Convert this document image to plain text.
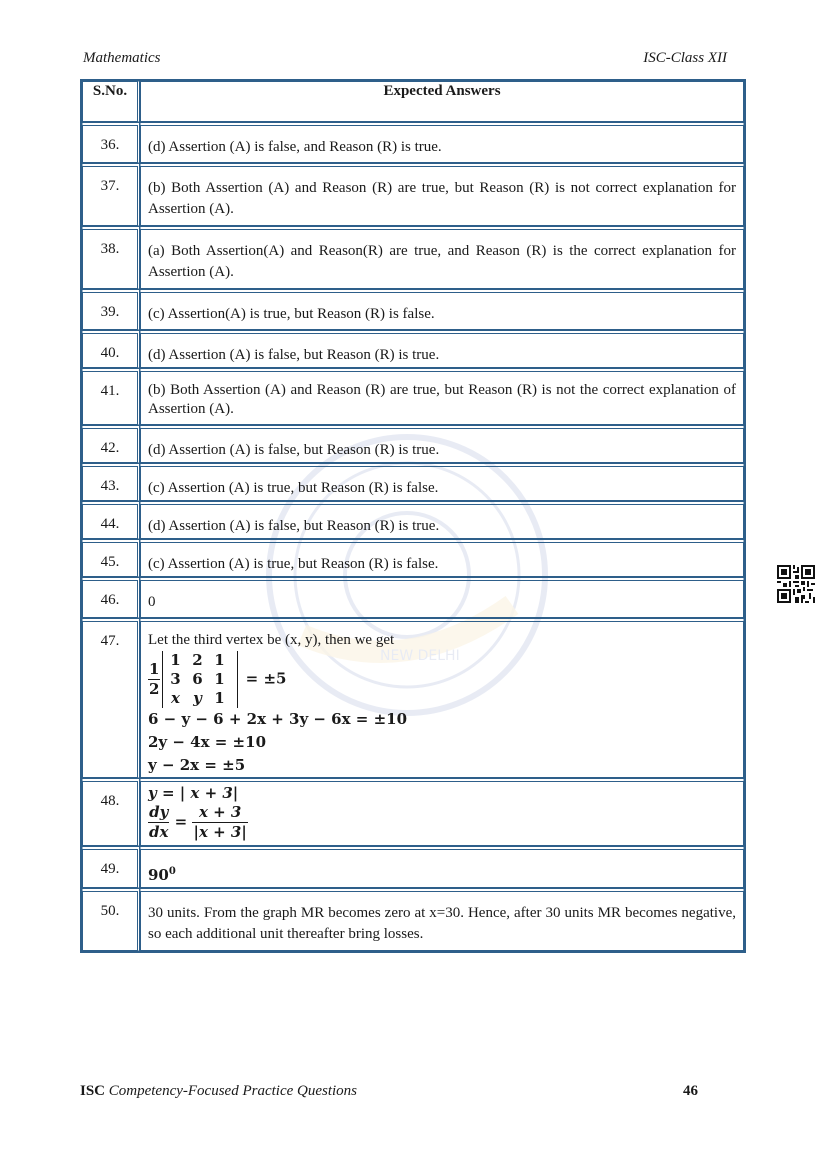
Mathematics	ISC-Class XII
NEW DELHI
S.No.	Expected Answers
36.	(d) Assertion (A) is false, and Reason (R) is true.
37.	(b) Both Assertion (A) and Reason (R) are true, but Reason (R) is not correct explanation for Assertion (A).
38.	(a) Both Assertion(A) and Reason(R) are true, and Reason (R) is the correct explanation for Assertion (A).
39.	(c) Assertion(A) is true, but Reason (R) is false.
40.	(d) Assertion (A) is false, but Reason (R) is true.
41.	(b) Both Assertion (A) and Reason (R) are true, but Reason (R) is not the correct explanation of Assertion (A).
42.	(d) Assertion (A) is false, but Reason (R) is true.
43.	(c) Assertion (A) is true, but Reason (R) is false.
44.	(d) Assertion (A) is false, but Reason (R) is true.
45.	(c) Assertion (A) is true, but Reason (R) is false.
46.	0
47.	Let the third vertex be (x, y), then we get
$\frac{1}{2} 1$	2	1
3	6	1
x	y	1
= ±5
6 − y − 6 + 2x + 3y − 6x = ±10
2y − 4x = ±10
y − 2x = ±5

48.	y = | x + 3|
$\frac{dy}{dx} = \frac{x + 3}{|x + 3|}$

49.	$90^0$
50.	30 units. From the graph MR becomes zero at x=30. Hence, after 30 units MR becomes negative, so each additional unit thereafter bring losses.
ISC Competency-Focused Practice Questions	46
